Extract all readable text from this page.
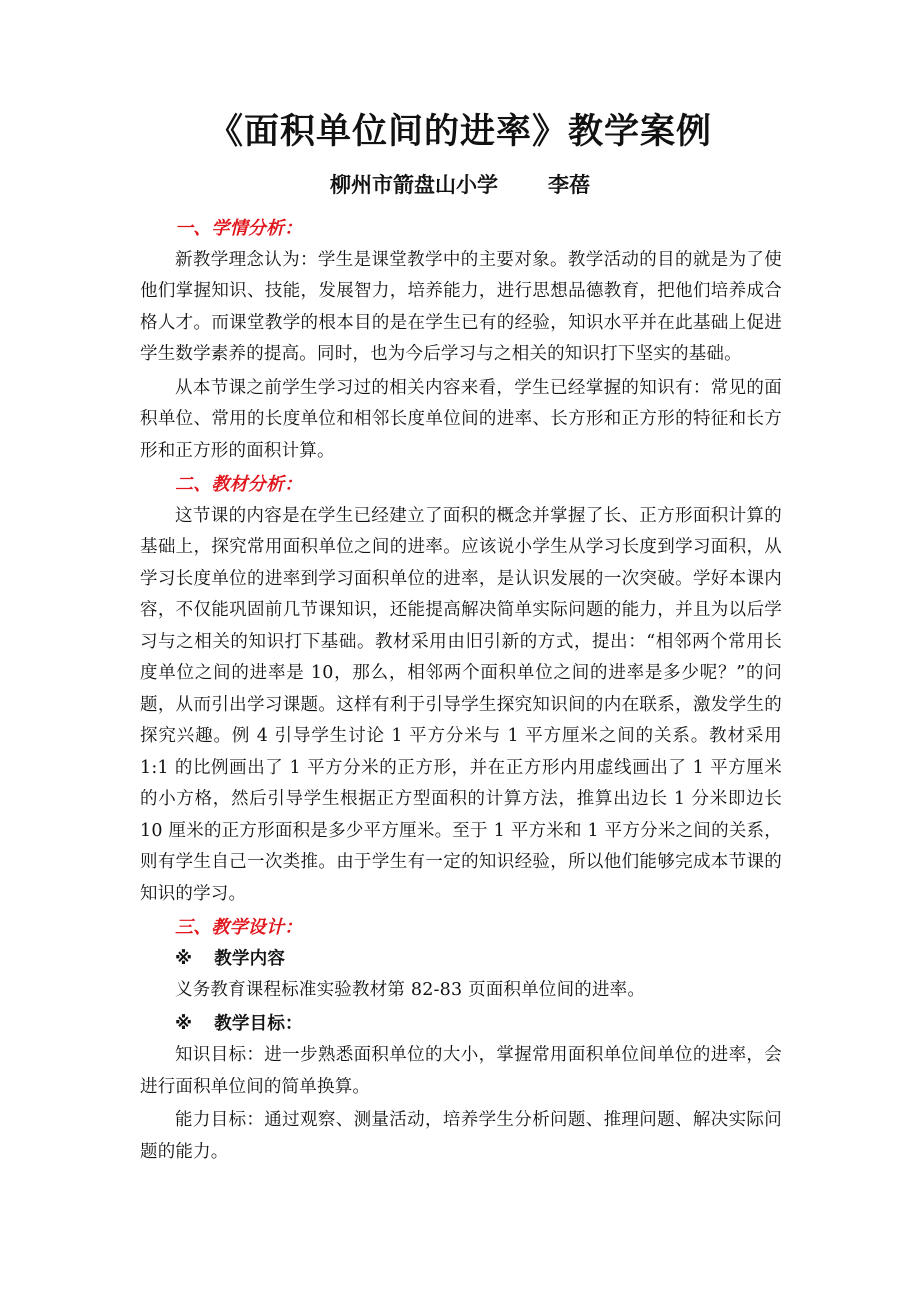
《面积单位间的进率》教学案例
柳州市箭盘山小学 李蓓
一、学情分析：

新教学理念认为：学生是课堂教学中的主要对象。教学活动的目的就是为了使他们掌握知识、技能，发展智力，培养能力，进行思想品德教育，把他们培养成合格人才。而课堂教学的根本目的是在学生已有的经验，知识水平并在此基础上促进学生数学素养的提高。同时，也为今后学习与之相关的知识打下坚实的基础。

从本节课之前学生学习过的相关内容来看，学生已经掌握的知识有：常见的面积单位、常用的长度单位和相邻长度单位间的进率、长方形和正方形的特征和长方形和正方形的面积计算。

二、教材分析：

这节课的内容是在学生已经建立了面积的概念并掌握了长、正方形面积计算的基础上，探究常用面积单位之间的进率。应该说小学生从学习长度到学习面积，从学习长度单位的进率到学习面积单位的进率，是认识发展的一次突破。学好本课内容，不仅能巩固前几节课知识，还能提高解决简单实际问题的能力，并且为以后学习与之相关的知识打下基础。教材采用由旧引新的方式，提出：“相邻两个常用长度单位之间的进率是 10，那么，相邻两个面积单位之间的进率是多少呢？”的问题，从而引出学习课题。这样有利于引导学生探究知识间的内在联系，激发学生的探究兴趣。例 4 引导学生讨论 1 平方分米与 1 平方厘米之间的关系。教材采用 1:1 的比例画出了 1 平方分米的正方形，并在正方形内用虚线画出了 1 平方厘米的小方格，然后引导学生根据正方型面积的计算方法，推算出边长 1 分米即边长 10 厘米的正方形面积是多少平方厘米。至于 1 平方米和 1 平方分米之间的关系，则有学生自己一次类推。由于学生有一定的知识经验，所以他们能够完成本节课的知识的学习。

三、教学设计：
※ 教学内容

义务教育课程标准实验教材第 82-83 页面积单位间的进率。

※ 教学目标：

知识目标：进一步熟悉面积单位的大小，掌握常用面积单位间单位的进率，会进行面积单位间的简单换算。

能力目标：通过观察、测量活动，培养学生分析问题、推理问题、解决实际问题的能力。
